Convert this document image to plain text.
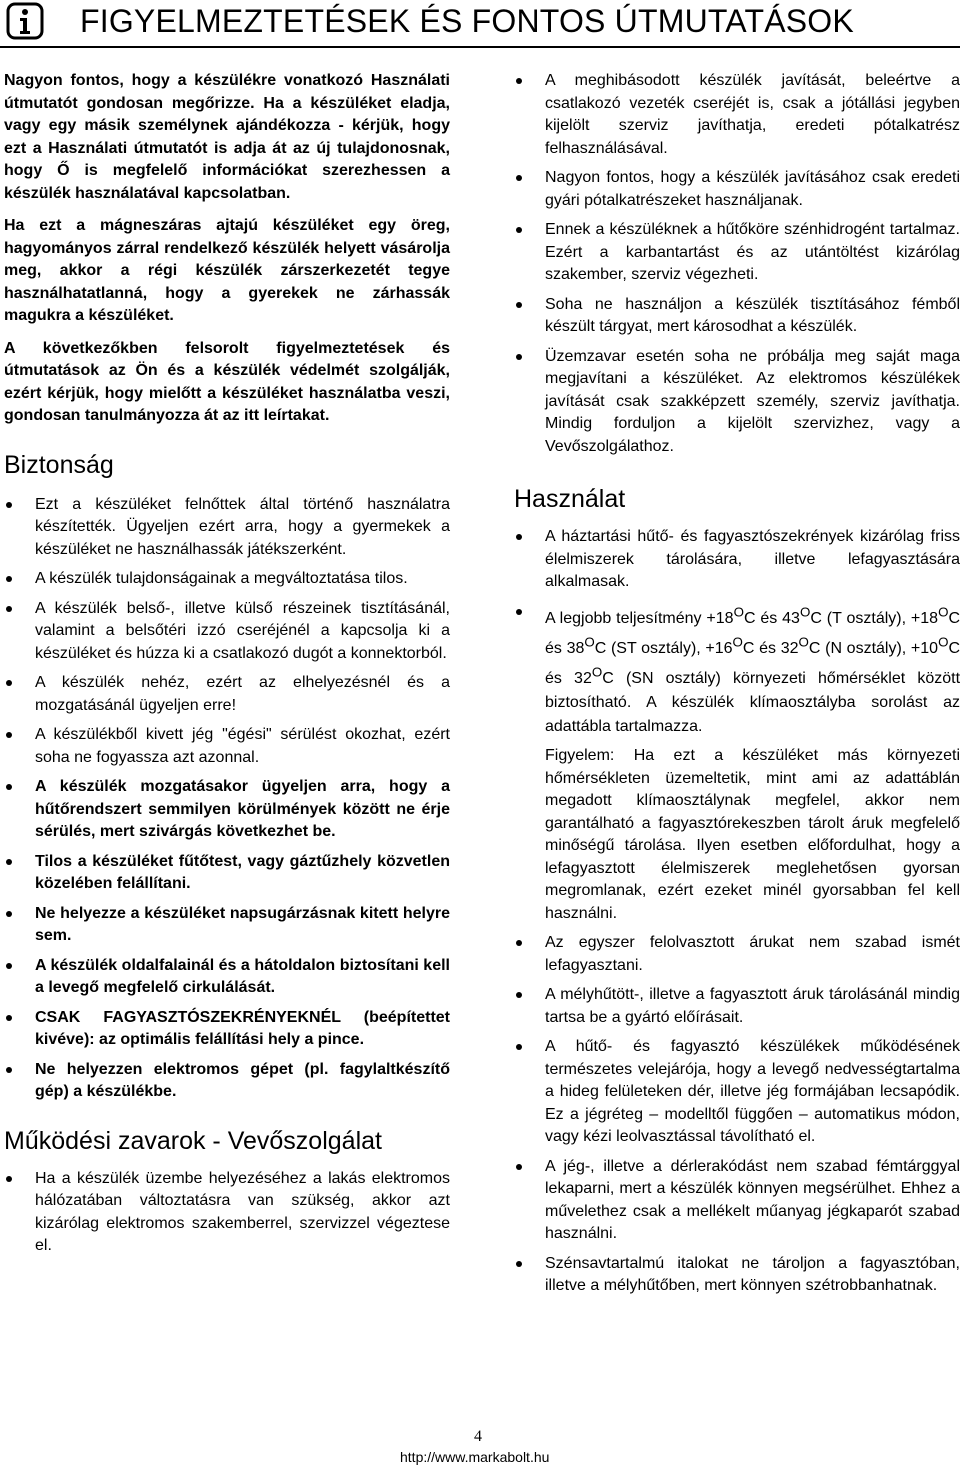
FIGYELMEZTETÉSEK ÉS FONTOS ÚTMUTATÁSOK

Nagyon fontos, hogy a készülékre vonatkozó Használati útmutatót gondosan megőrizze. Ha a készüléket eladja, vagy egy másik személynek ajándékozza - kérjük, hogy ezt a Használati útmutatót is adja át az új tulajdonosnak, hogy Ő is megfelelő információkat szerezhessen a készülék használatával kapcsolatban.

Ha ezt a mágneszáras ajtajú készüléket egy öreg, hagyományos zárral rendelkező készülék helyett vásárolja meg, akkor a régi készülék zárszerkezetét tegye használhatatlanná, hogy a gyerekek ne zárhassák magukra a készüléket.

A következőkben felsorolt figyelmeztetések és útmutatások az Ön és a készülék védelmét szolgálják, ezért kérjük, hogy mielőtt a készüléket használatba veszi, gondosan tanulmányozza át az itt leírtakat.

Biztonság
Ezt a készüléket felnőttek által történő használatra készítették. Ügyeljen ezért arra, hogy a gyermekek a készüléket ne használhassák játékszerként.
A készülék tulajdonságainak a megváltoztatása tilos.
A készülék belső-, illetve külső részeinek tisztításánál, valamint a belsőtéri izzó cseréjénél a kapcsolja ki a készüléket és húzza ki a csatlakozó dugót a konnektorból.
A készülék nehéz, ezért az elhelyezésnél és a mozgatásánál ügyeljen erre!
A készülékből kivett jég "égési" sérülést okozhat, ezért soha ne fogyassza azt azonnal.
A készülék mozgatásakor ügyeljen arra, hogy a hűtőrendszert semmilyen körülmények között ne érje sérülés, mert szivárgás következhet be.
Tilos a készüléket fűtőtest, vagy gáztűzhely közvetlen közelében felállítani.
Ne helyezze a készüléket napsugárzásnak kitett helyre sem.
A készülék oldalfalainál és a hátoldalon biztosítani kell a levegő megfelelő cirkulálását.
CSAK FAGYASZTÓSZEKRÉNYEKNÉL (beépítettet kivéve): az optimális felállítási hely a pince.
Ne helyezzen elektromos gépet (pl. fagylaltkészítő gép) a készülékbe.
Működési zavarok - Vevőszolgálat
Ha a készülék üzembe helyezéséhez a lakás elektromos hálózatában változtatásra van szükség, akkor azt kizárólag elektromos szakemberrel, szervizzel végeztese el.
A meghibásodott készülék javítását, beleértve a csatlakozó vezeték cseréjét is, csak a jótállási jegyben kijelölt szerviz javíthatja, eredeti pótalkatrész felhasználásával.
Nagyon fontos, hogy a készülék javításához csak eredeti gyári pótalkatrészeket használjanak.
Ennek a készüléknek a hűtőköre szénhidrogént tartalmaz. Ezért a karbantartást és az utántöltést kizárólag szakember, szerviz végezheti.
Soha ne használjon a készülék tisztításához fémből készült tárgyat, mert károsodhat a készülék.
Üzemzavar esetén soha ne próbálja meg saját maga megjavítani a készüléket. Az elektromos készülékek javítását csak szakképzett személy, szerviz javíthatja. Mindig forduljon a kijelölt szervizhez, vagy a Vevőszolgálathoz.
Használat
A háztartási hűtő- és fagyasztószekrények kizárólag friss élelmiszerek tárolására, illetve lefagyasztására alkalmasak.
A legjobb teljesítmény $+18^OC$ és $43^OC$ (T osztály), $+18^OC$ és $38^OC$ (ST osztály), $+16^OC$ és $32^OC$ (N osztály), $+10^OC$ és $32^OC$ (SN osztály) környezeti hőmérséklet között biztosítható. A készülék klímaosztályba sorolást az adattábla tartalmazza.

Figyelem: Ha ezt a készüléket más környezeti hőmérsékleten üzemeltetik, mint ami az adattáblán megadott klímaosztálynak megfelel, akkor nem garantálható a fagyasztórekeszben tárolt áruk megfelelő minőségű tárolása. Ilyen esetben előfordulhat, hogy a lefagyasztott élelmiszerek meglehetősen gyorsan megromlanak, ezért ezeket minél gyorsabban fel kell használni.

Az egyszer felolvasztott árukat nem szabad ismét lefagyasztani.
A mélyhűtött-, illetve a fagyasztott áruk tárolásánál mindig tartsa be a gyártó előírásait.
A hűtő- és fagyasztó készülékek működésének természetes velejárója, hogy a levegő nedvességtartalma a hideg felületeken dér, illetve jég formájában lecsapódik. Ez a jégréteg – modelltől függően – automatikus módon, vagy kézi leolvasztással távolítható el.
A jég-, illetve a dérlerakódást nem szabad fémtárggyal lekaparni, mert a készülék könnyen megsérülhet. Ehhez a művelethez csak a mellékelt műanyag jégkaparót szabad használni.
Szénsavtartalmú italokat ne tároljon a fagyasztóban, illetve a mélyhűtőben, mert könnyen szétrobbanhatnak.
4
http://www.markabolt.hu
